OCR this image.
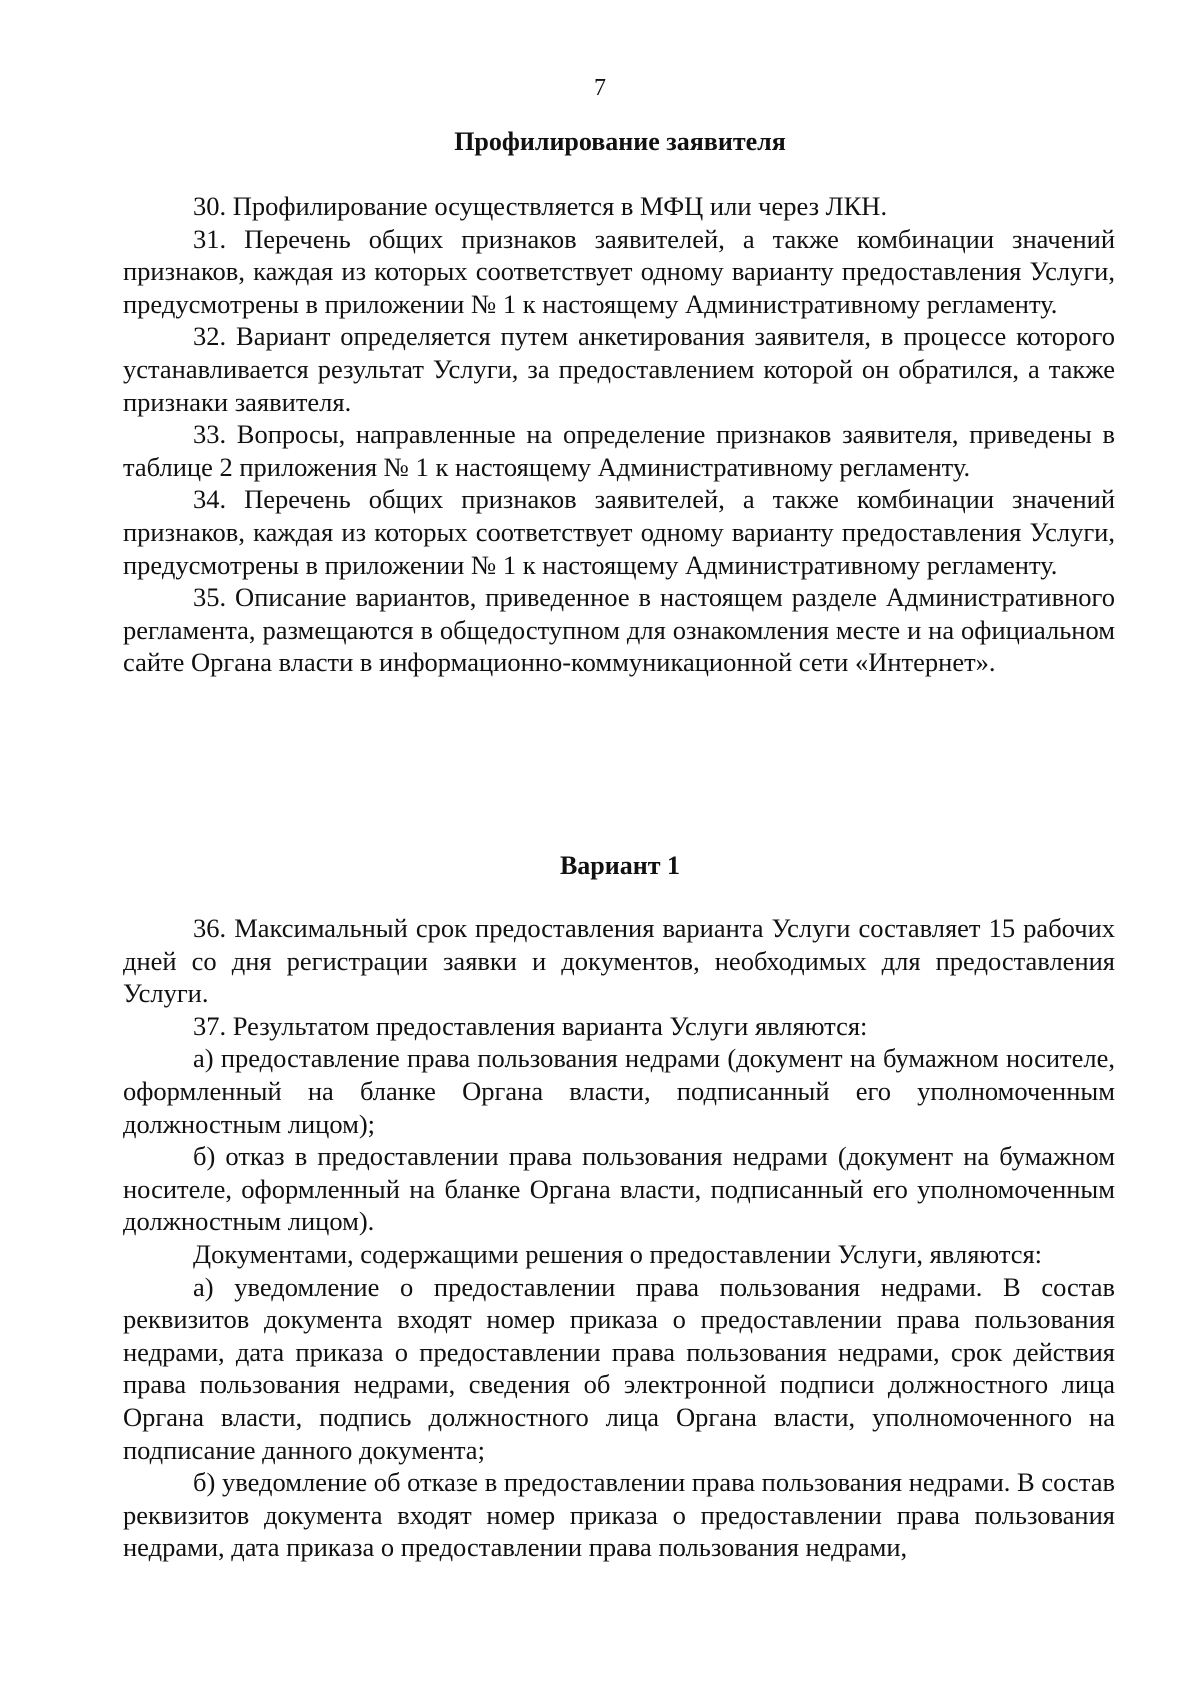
7
Профилирование заявителя

30. Профилирование осуществляется в МФЦ или через ЛКН.

31. Перечень общих признаков заявителей, а также комбинации значений признаков, каждая из которых соответствует одному варианту предоставления Услуги, предусмотрены в приложении № 1 к настоящему Административному регламенту.

32. Вариант определяется путем анкетирования заявителя, в процессе которого устанавливается результат Услуги, за предоставлением которой он обратился, а также признаки заявителя.

33. Вопросы, направленные на определение признаков заявителя, приведены в таблице 2 приложения № 1 к настоящему Административному регламенту.

34. Перечень общих признаков заявителей, а также комбинации значений признаков, каждая из которых соответствует одному варианту предоставления Услуги, предусмотрены в приложении № 1 к настоящему Административному регламенту.

35. Описание вариантов, приведенное в настоящем разделе Административного регламента, размещаются в общедоступном для ознакомления месте и на официальном сайте Органа власти в информационно-коммуникационной сети «Интернет».

Вариант 1

36. Максимальный срок предоставления варианта Услуги составляет 15 рабочих дней со дня регистрации заявки и документов, необходимых для предоставления Услуги.

37. Результатом предоставления варианта Услуги являются:

а) предоставление права пользования недрами (документ на бумажном носителе, оформленный на бланке Органа власти, подписанный его уполномоченным должностным лицом);

б) отказ в предоставлении права пользования недрами (документ на бумажном носителе, оформленный на бланке Органа власти, подписанный его уполномоченным должностным лицом).

Документами, содержащими решения о предоставлении Услуги, являются:

а) уведомление о предоставлении права пользования недрами. В состав реквизитов документа входят номер приказа о предоставлении права пользования недрами, дата приказа о предоставлении права пользования недрами, срок действия права пользования недрами, сведения об электронной подписи должностного лица Органа власти, подпись должностного лица Органа власти, уполномоченного на подписание данного документа;

б) уведомление об отказе в предоставлении права пользования недрами. В состав реквизитов документа входят номер приказа о предоставлении права пользования недрами, дата приказа о предоставлении права пользования недрами,
